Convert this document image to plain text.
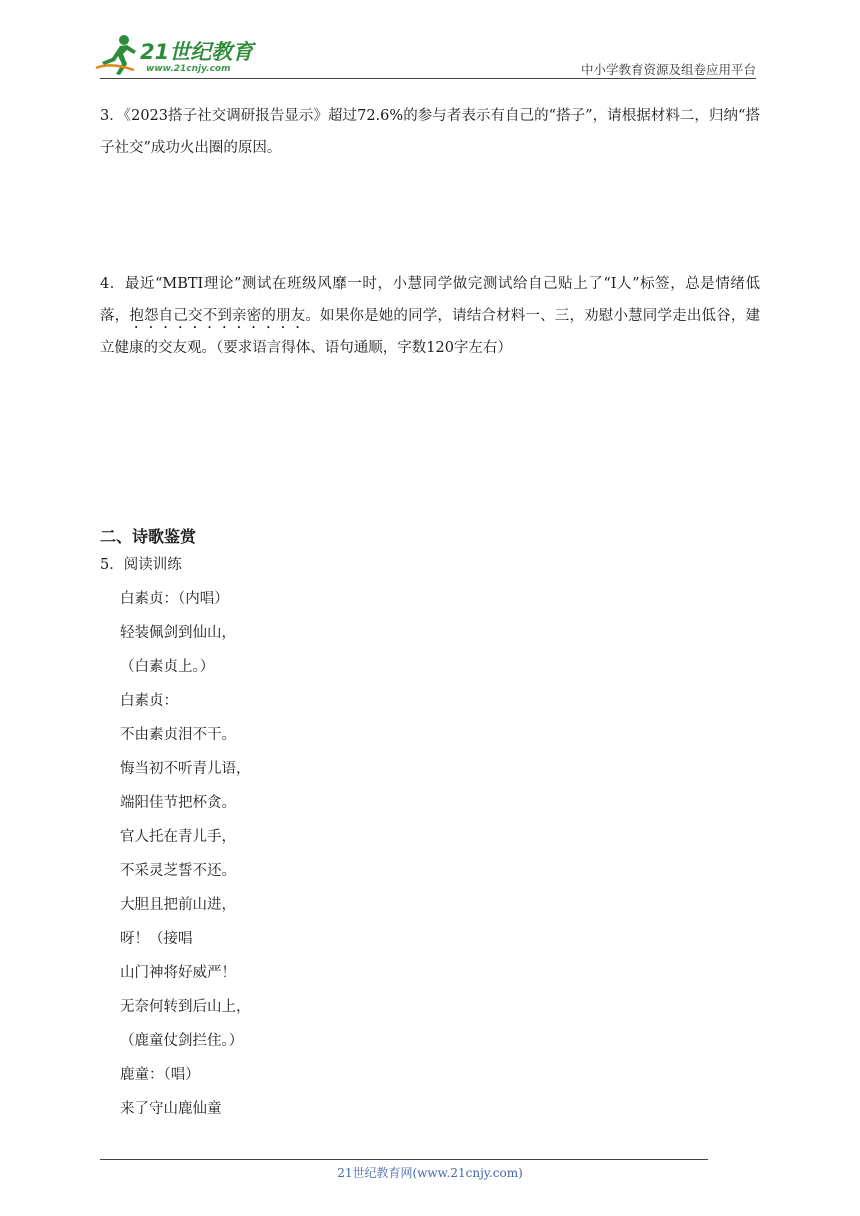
21世纪教育
www.21cnjy.com	中小学教育资源及组卷应用平台

3．《2023搭子社交调研报告显示》超过72.6%的参与者表示有自己的“搭子”，请根据材料二，归纳“搭子社交”成功火出圈的原因。

4．最近“MBTI理论”测试在班级风靡一时，小慧同学做完测试给自己贴上了“I人”标签，总是情绪低落，抱怨自己交不到亲密的朋友。如果你是她的同学，请结合材料一、三，劝慰小慧同学走出低谷，建立健康的交友观。（要求语言得体、语句通顺，字数120字左右）

二、诗歌鉴赏
5．阅读训练
白素贞：（内唱）
轻装佩剑到仙山，
（白素贞上。）
白素贞：
不由素贞泪不干。
悔当初不听青儿语，
端阳佳节把杯贪。
官人托在青儿手，
不采灵芝誓不还。
大胆且把前山进，
呀！（接唱
山门神将好威严！
无奈何转到后山上，
（鹿童仗剑拦住。）
鹿童：（唱）
来了守山鹿仙童
21世纪教育网(www.21cnjy.com)
